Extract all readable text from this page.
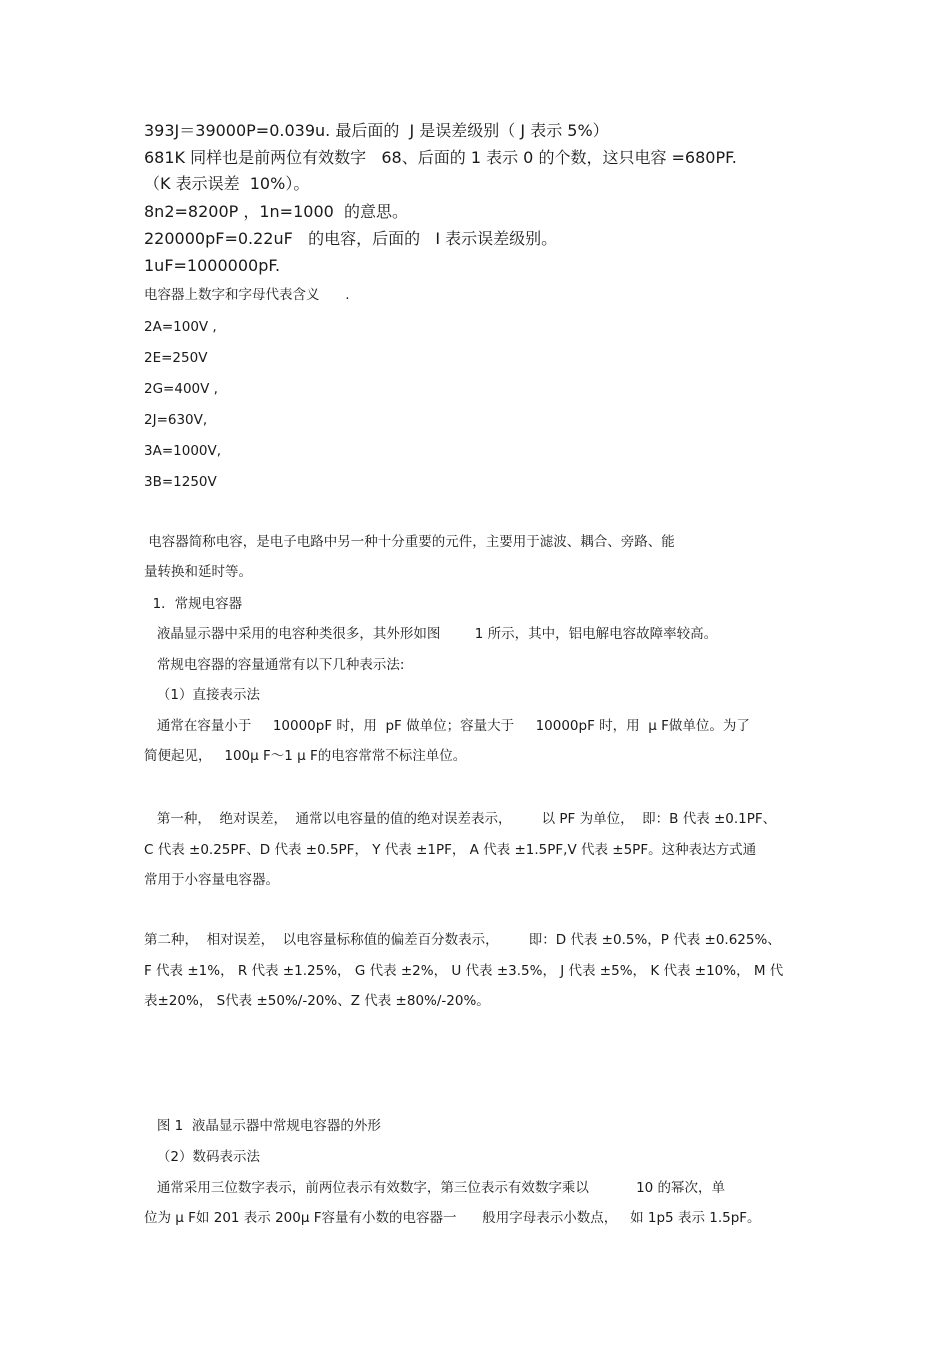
393J＝39000P=0.039u. 最后面的  J 是误差级别（ J 表示 5%）
681K 同样也是前两位有效数字   68、后面的 1 表示 0 的个数，这只电容 =680PF.
（K 表示误差  10%）。
8n2=8200P ，1n=1000  的意思。
220000pF=0.22uF   的电容，后面的   I 表示误差级别。
1uF=1000000pF.
电容器上数字和字母代表含义      .
2A=100V ,
2E=250V
2G=400V ,
2J=630V,
3A=1000V,
3B=1250V
电容器简称电容，是电子电路中另一种十分重要的元件，主要用于滤波、耦合、旁路、能
量转换和延时等。
1．常规电容器
液晶显示器中采用的电容种类很多，其外形如图        1 所示，其中，铝电解电容故障率较高。
常规电容器的容量通常有以下几种表示法:
（1）直接表示法
通常在容量小于     10000pF 时，用  pF 做单位；容量大于     10000pF 时，用  μ F做单位。为了
简便起见，   100μ F～1 μ F的电容常常不标注单位。
第一种，  绝对误差，  通常以电容量的值的绝对误差表示，       以 PF 为单位，  即：B 代表 ±0.1PF、
C 代表 ±0.25PF、D 代表 ±0.5PF， Y 代表 ±1PF， A 代表 ±1.5PF,V 代表 ±5PF。这种表达方式通
常用于小容量电容器。
第二种，  相对误差，  以电容量标称值的偏差百分数表示，       即：D 代表 ±0.5%，P 代表 ±0.625%、
F 代表 ±1%， R 代表 ±1.25%， G 代表 ±2%， U 代表 ±3.5%， J 代表 ±5%， K 代表 ±10%， M 代
表±20%， S代表 ±50%/-20%、Z 代表 ±80%/-20%。
图 1  液晶显示器中常规电容器的外形
（2）数码表示法
通常采用三位数字表示，前两位表示有效数字，第三位表示有效数字乘以           10 的幂次，单
位为 μ F如 201 表示 200μ F容量有小数的电容器一      般用字母表示小数点，   如 1p5 表示 1.5pF。
